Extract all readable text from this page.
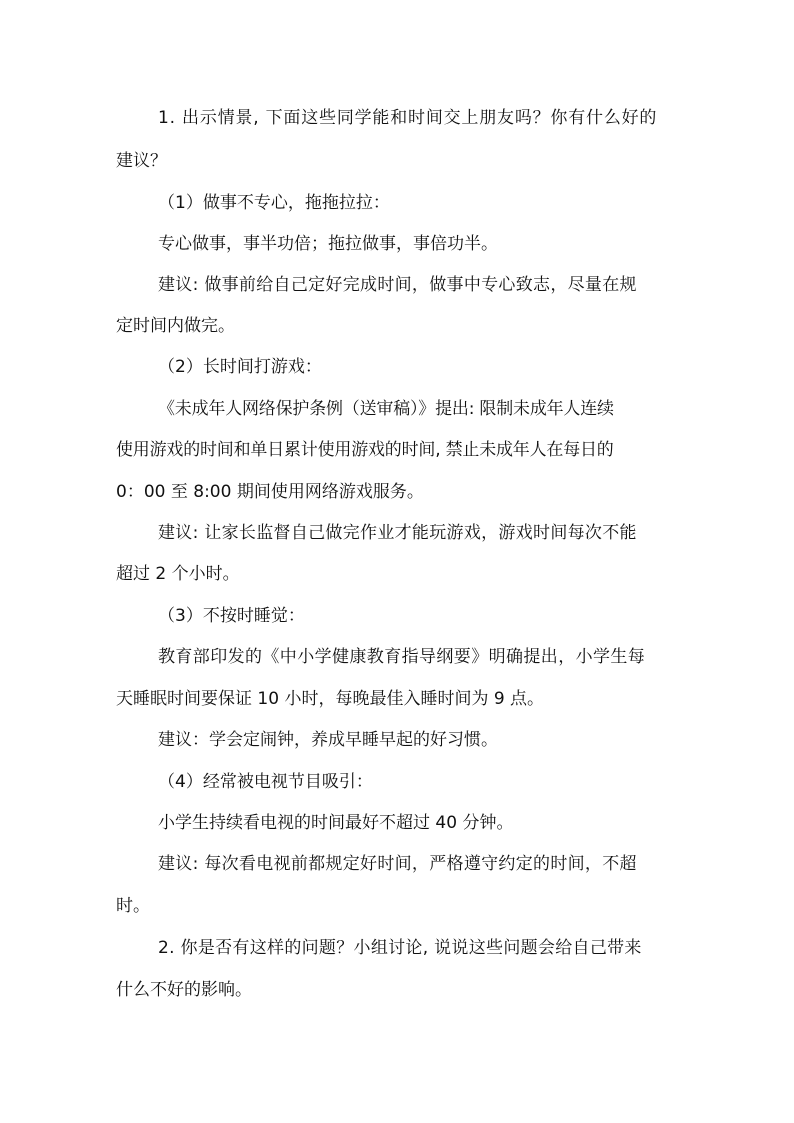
1. 出示情景, 下面这些同学能和时间交上朋友吗？你有什么好的
建议？
（1）做事不专心，拖拖拉拉：
专心做事，事半功倍；拖拉做事，事倍功半。
建议: 做事前给自己定好完成时间，做事中专心致志，尽量在规
定时间内做完。
（2）长时间打游戏：
《未成年人网络保护条例（送审稿）》提出: 限制未成年人连续
使用游戏的时间和单日累计使用游戏的时间, 禁止未成年人在每日的
0：00 至 8:00 期间使用网络游戏服务。
建议: 让家长监督自己做完作业才能玩游戏，游戏时间每次不能
超过 2 个小时。
（3）不按时睡觉：
教育部印发的《中小学健康教育指导纲要》明确提出，小学生每
天睡眠时间要保证 10 小时，每晚最佳入睡时间为 9 点。
建议：学会定闹钟，养成早睡早起的好习惯。
（4）经常被电视节目吸引：
小学生持续看电视的时间最好不超过 40 分钟。
建议: 每次看电视前都规定好时间，严格遵守约定的时间，不超
时。
2. 你是否有这样的问题？小组讨论, 说说这些问题会给自己带来
什么不好的影响。
